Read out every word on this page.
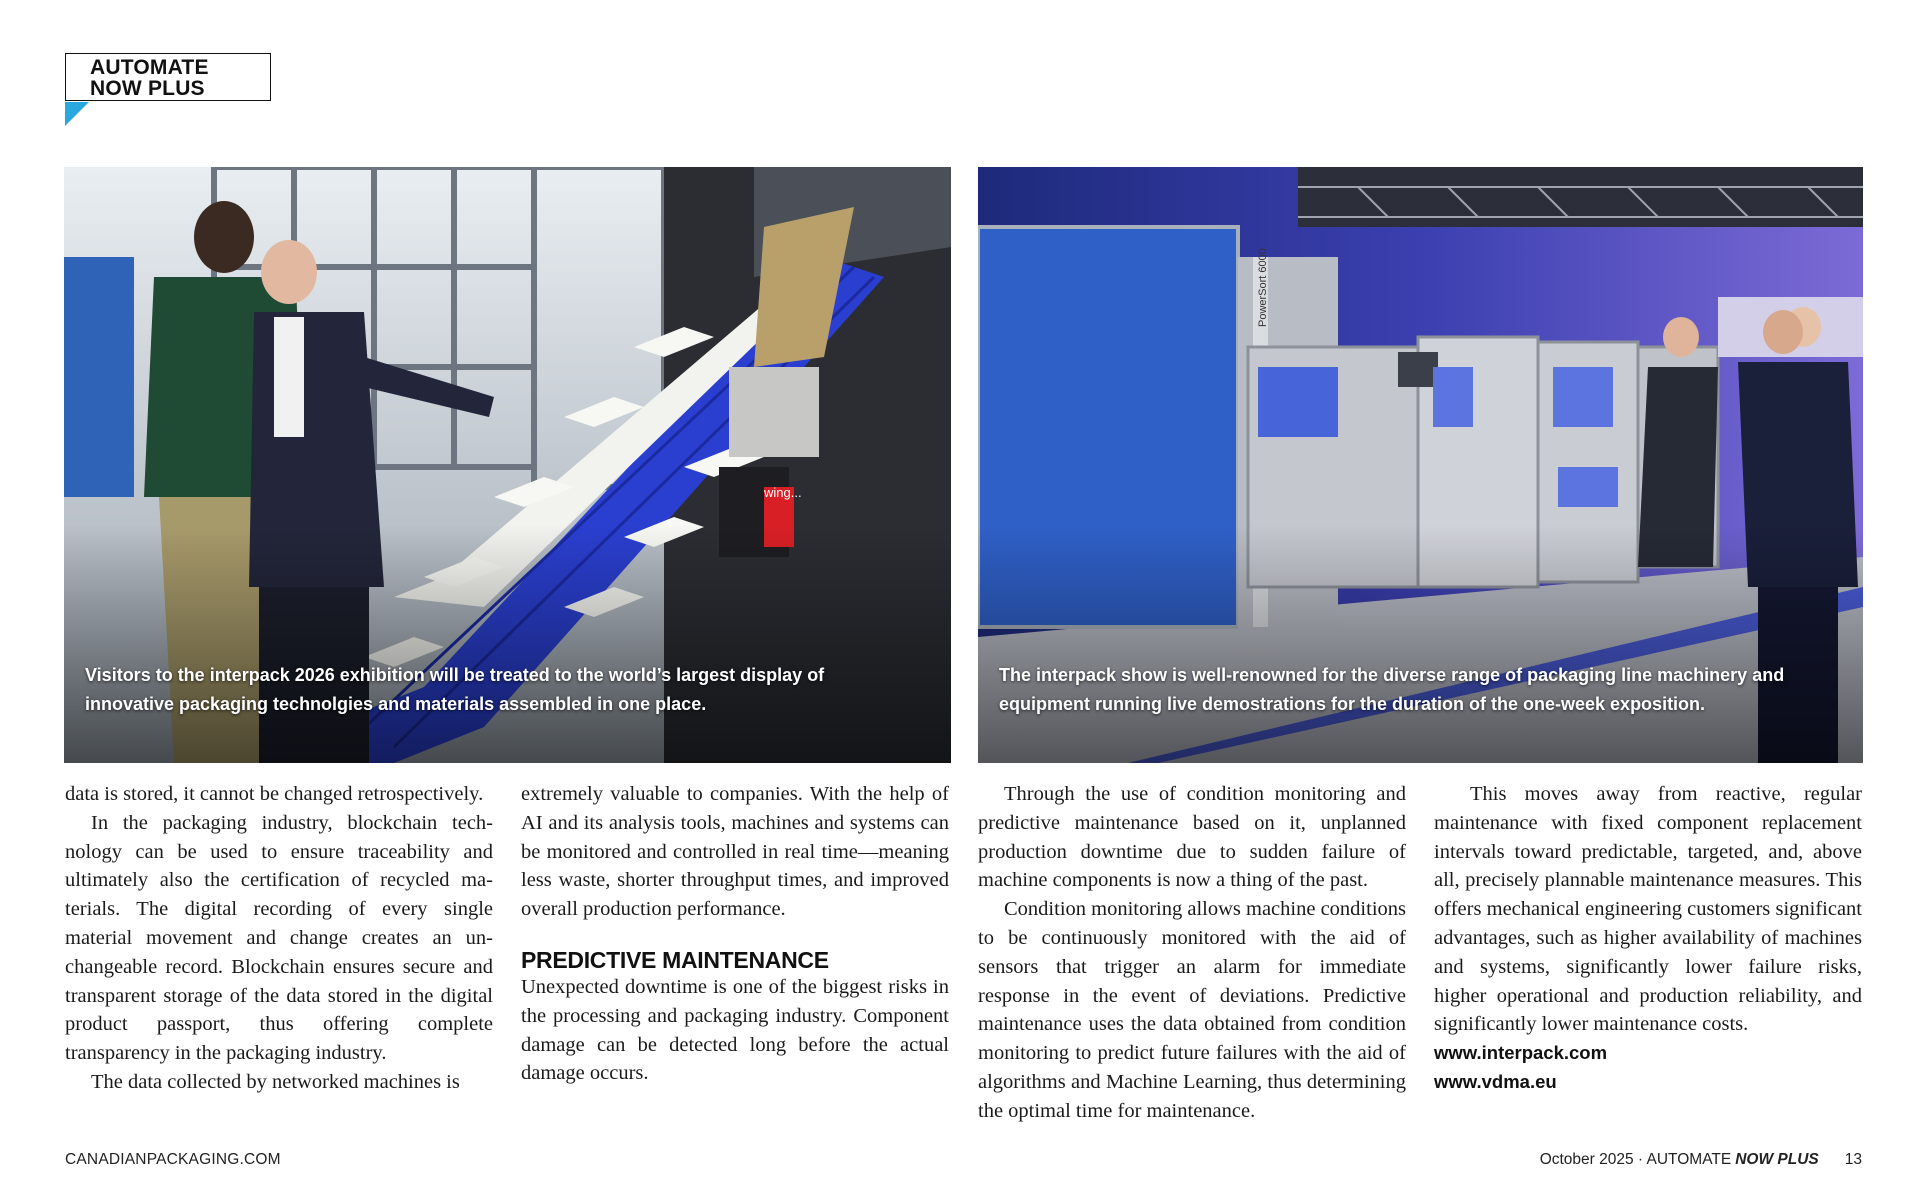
AUTOMATE
NOW PLUS
Visitors to the interpack 2026 exhibition will be treated to the world’s largest display of innovative packaging technolgies and materials assembled in one place.
The interpack show is well-renowned for the diverse range of packaging line machinery and equipment running live demostrations for the duration of the one-week exposition.

data is stored, it cannot be changed retrospectively.

In the packaging industry, blockchain technology can be used to ensure traceability and ultimately also the certification of recycled materials. The digital recording of every single material movement and change creates an unchangeable record. Blockchain ensures secure and transparent storage of the data stored in the digital product passport, thus offering complete transparency in the packaging industry.

The data collected by networked machines is

extremely valuable to companies. With the help of AI and its analysis tools, machines and systems can be monitored and controlled in real time—meaning less waste, shorter throughput times, and improved overall production performance.

PREDICTIVE MAINTENANCE

Unexpected downtime is one of the biggest risks in the processing and packaging industry. Component damage can be detected long before the actual damage occurs.

Through the use of condition monitoring and predictive maintenance based on it, unplanned production downtime due to sudden failure of machine components is now a thing of the past.

Condition monitoring allows machine conditions to be continuously monitored with the aid of sensors that trigger an alarm for immediate response in the event of deviations. Predictive maintenance uses the data obtained from condition monitoring to predict future failures with the aid of algorithms and Machine Learning, thus determining the optimal time for maintenance.

This moves away from reactive, regular maintenance with fixed component replacement intervals toward predictable, targeted, and, above all, precisely plannable maintenance measures. This offers mechanical engineering customers significant advantages, such as higher availability of machines and systems, significantly lower failure risks, higher operational and production reliability, and significantly lower maintenance costs.

www.interpack.com
www.vdma.eu
CANADIANPACKAGING.COM	October 2025 · AUTOMATE NOW PLUS 13
